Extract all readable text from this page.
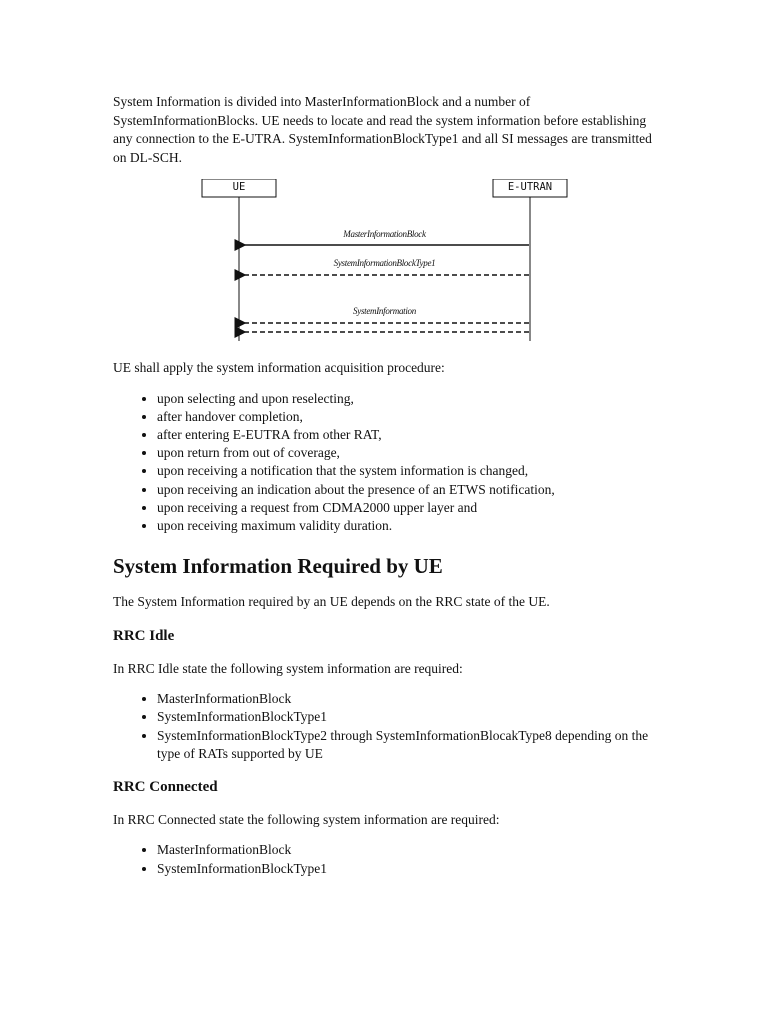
System Information is divided into MasterInformationBlock and a number of SystemInformationBlocks. UE needs to locate and read the system information before establishing any connection to the E-UTRA. SystemInformationBlockType1 and all SI messages are transmitted on DL-SCH.

UE	E-UTRAN
MasterInformationBlock
SystemInformationBlockType1
SystemInformation

UE shall apply the system information acquisition procedure:

• upon selecting and upon reselecting,
• after handover completion,
• after entering E-EUTRA from other RAT,
• upon return from out of coverage,
• upon receiving a notification that the system information is changed,
• upon receiving an indication about the presence of an ETWS notification,
• upon receiving a request from CDMA2000 upper layer and
• upon receiving maximum validity duration.
System Information Required by UE

The System Information required by an UE depends on the RRC state of the UE.

RRC Idle

In RRC Idle state the following system information are required:

• MasterInformationBlock
• SystemInformationBlockType1
• SystemInformationBlockType2 through SystemInformationBlocakType8 depending on the type of RATs supported by UE
RRC Connected

In RRC Connected state the following system information are required:

• MasterInformationBlock
• SystemInformationBlockType1
